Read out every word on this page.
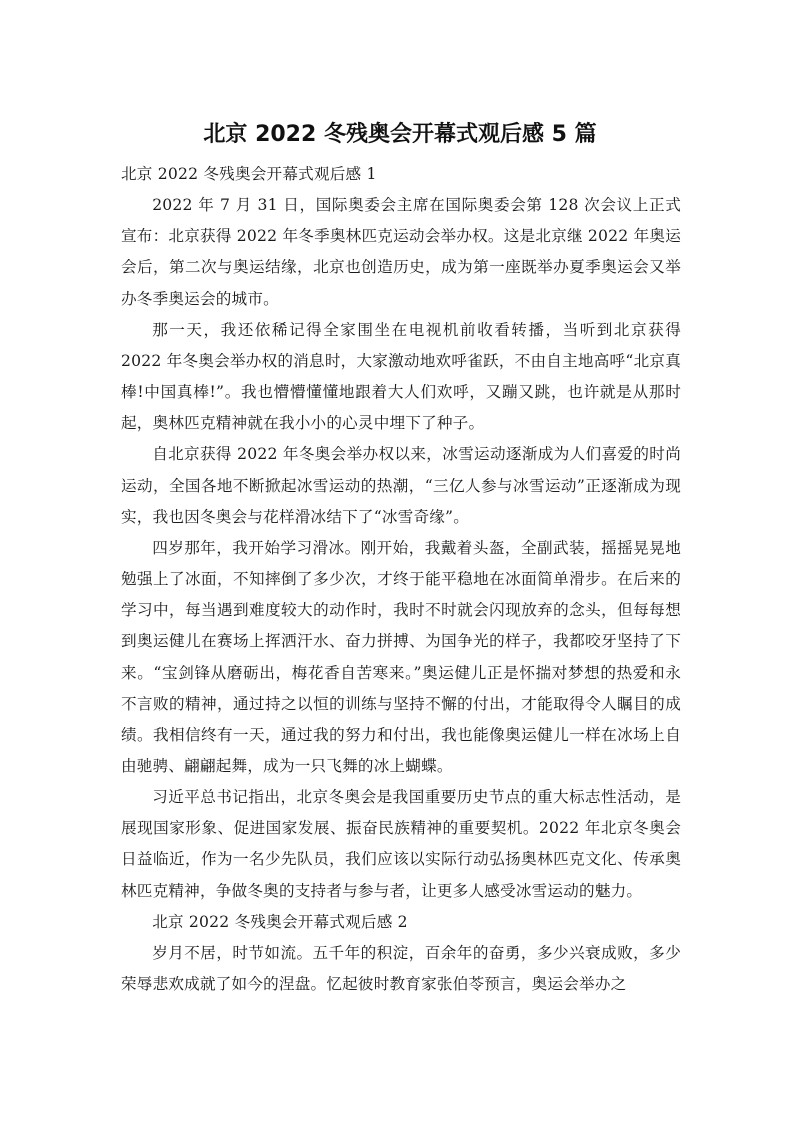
北京 2022 冬残奥会开幕式观后感 5 篇

北京 2022 冬残奥会开幕式观后感 1

2022 年 7 月 31 日，国际奥委会主席在国际奥委会第 128 次会议上正式宣布：北京获得 2022 年冬季奥林匹克运动会举办权。这是北京继 2022 年奥运会后，第二次与奥运结缘，北京也创造历史，成为第一座既举办夏季奥运会又举办冬季奥运会的城市。

那一天，我还依稀记得全家围坐在电视机前收看转播，当听到北京获得 2022 年冬奥会举办权的消息时，大家激动地欢呼雀跃，不由自主地高呼“北京真棒!中国真棒!”。我也懵懵懂懂地跟着大人们欢呼，又蹦又跳，也许就是从那时起，奥林匹克精神就在我小小的心灵中埋下了种子。

自北京获得 2022 年冬奥会举办权以来，冰雪运动逐渐成为人们喜爱的时尚运动，全国各地不断掀起冰雪运动的热潮，“三亿人参与冰雪运动”正逐渐成为现实，我也因冬奥会与花样滑冰结下了“冰雪奇缘”。

四岁那年，我开始学习滑冰。刚开始，我戴着头盔，全副武装，摇摇晃晃地勉强上了冰面，不知摔倒了多少次，才终于能平稳地在冰面简单滑步。在后来的学习中，每当遇到难度较大的动作时，我时不时就会闪现放弃的念头，但每每想到奥运健儿在赛场上挥洒汗水、奋力拼搏、为国争光的样子，我都咬牙坚持了下来。“宝剑锋从磨砺出，梅花香自苦寒来。”奥运健儿正是怀揣对梦想的热爱和永不言败的精神，通过持之以恒的训练与坚持不懈的付出，才能取得令人瞩目的成绩。我相信终有一天，通过我的努力和付出，我也能像奥运健儿一样在冰场上自由驰骋、翩翩起舞，成为一只飞舞的冰上蝴蝶。

习近平总书记指出，北京冬奥会是我国重要历史节点的重大标志性活动，是展现国家形象、促进国家发展、振奋民族精神的重要契机。2022 年北京冬奥会日益临近，作为一名少先队员，我们应该以实际行动弘扬奥林匹克文化、传承奥林匹克精神，争做冬奥的支持者与参与者，让更多人感受冰雪运动的魅力。

北京 2022 冬残奥会开幕式观后感 2

岁月不居，时节如流。五千年的积淀，百余年的奋勇，多少兴衰成败，多少荣辱悲欢成就了如今的涅盘。忆起彼时教育家张伯苓预言，奥运会举办之
